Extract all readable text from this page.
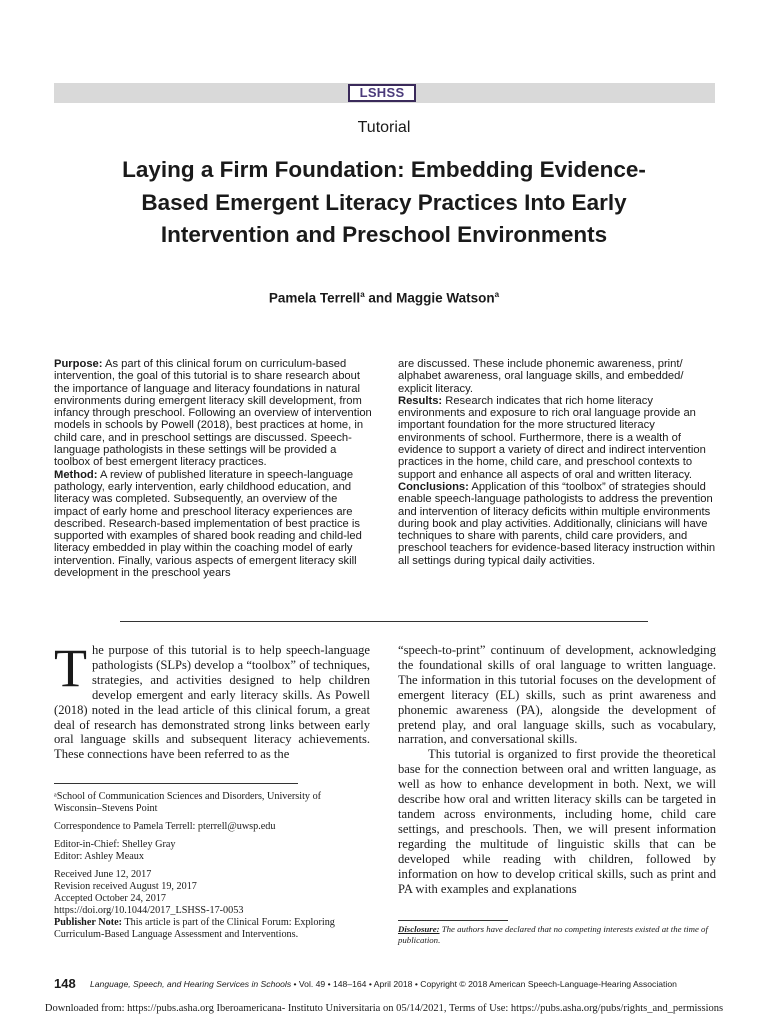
LSHSS
Tutorial
Laying a Firm Foundation: Embedding Evidence-Based Emergent Literacy Practices Into Early Intervention and Preschool Environments
Pamela Terrell$^a$ and Maggie Watson$^a$

Purpose: As part of this clinical forum on curriculum-based intervention, the goal of this tutorial is to share research about the importance of language and literacy foundations in natural environments during emergent literacy skill development, from infancy through preschool. Following an overview of intervention models in schools by Powell (2018), best practices at home, in child care, and in preschool settings are discussed. Speech-language pathologists in these settings will be provided a toolbox of best emergent literacy practices.

Method: A review of published literature in speech-language pathology, early intervention, early childhood education, and literacy was completed. Subsequently, an overview of the impact of early home and preschool literacy experiences are described. Research-based implementation of best practice is supported with examples of shared book reading and child-led literacy embedded in play within the coaching model of early intervention. Finally, various aspects of emergent literacy skill development in the preschool years

are discussed. These include phonemic awareness, print/ alphabet awareness, oral language skills, and embedded/ explicit literacy.

Results: Research indicates that rich home literacy environments and exposure to rich oral language provide an important foundation for the more structured literacy environments of school. Furthermore, there is a wealth of evidence to support a variety of direct and indirect intervention practices in the home, child care, and preschool contexts to support and enhance all aspects of oral and written literacy.

Conclusions: Application of this “toolbox” of strategies should enable speech-language pathologists to address the prevention and intervention of literacy deficits within multiple environments during book and play activities. Additionally, clinicians will have techniques to share with parents, child care providers, and preschool teachers for evidence-based literacy instruction within all settings during typical daily activities.

The purpose of this tutorial is to help speech-language pathologists (SLPs) develop a “toolbox” of techniques, strategies, and activities designed to help children develop emergent and early literacy skills. As Powell (2018) noted in the lead article of this clinical forum, a great deal of research has demonstrated strong links between early oral language skills and subsequent literacy achievements. These connections have been referred to as the

“speech-to-print” continuum of development, acknowledging the foundational skills of oral language to written language. The information in this tutorial focuses on the development of emergent literacy (EL) skills, such as print awareness and phonemic awareness (PA), alongside the development of pretend play, and oral language skills, such as vocabulary, narration, and conversational skills.

This tutorial is organized to first provide the theoretical base for the connection between oral and written language, as well as how to enhance development in both. Next, we will describe how oral and written literacy skills can be targeted in tandem across environments, including home, child care settings, and preschools. Then, we will present information regarding the multitude of linguistic skills that can be developed while reading with children, followed by information on how to develop critical skills, such as print and PA with examples and explanations

ᵃSchool of Communication Sciences and Disorders, University of Wisconsin–Stevens Point

Correspondence to Pamela Terrell: pterrell@uwsp.edu

Editor-in-Chief: Shelley Gray

Editor: Ashley Meaux

Received June 12, 2017

Revision received August 19, 2017

Accepted October 24, 2017

https://doi.org/10.1044/2017_LSHSS-17-0053

Publisher Note: This article is part of the Clinical Forum: Exploring Curriculum-Based Language Assessment and Interventions.	Disclosure: The authors have declared that no competing interests existed at the time of publication.
148 Language, Speech, and Hearing Services in Schools • Vol. 49 • 148–164 • April 2018 • Copyright © 2018 American Speech-Language-Hearing Association
Downloaded from: https://pubs.asha.org Iberoamericana- Instituto Universitaria on 05/14/2021, Terms of Use: https://pubs.asha.org/pubs/rights_and_permissions
